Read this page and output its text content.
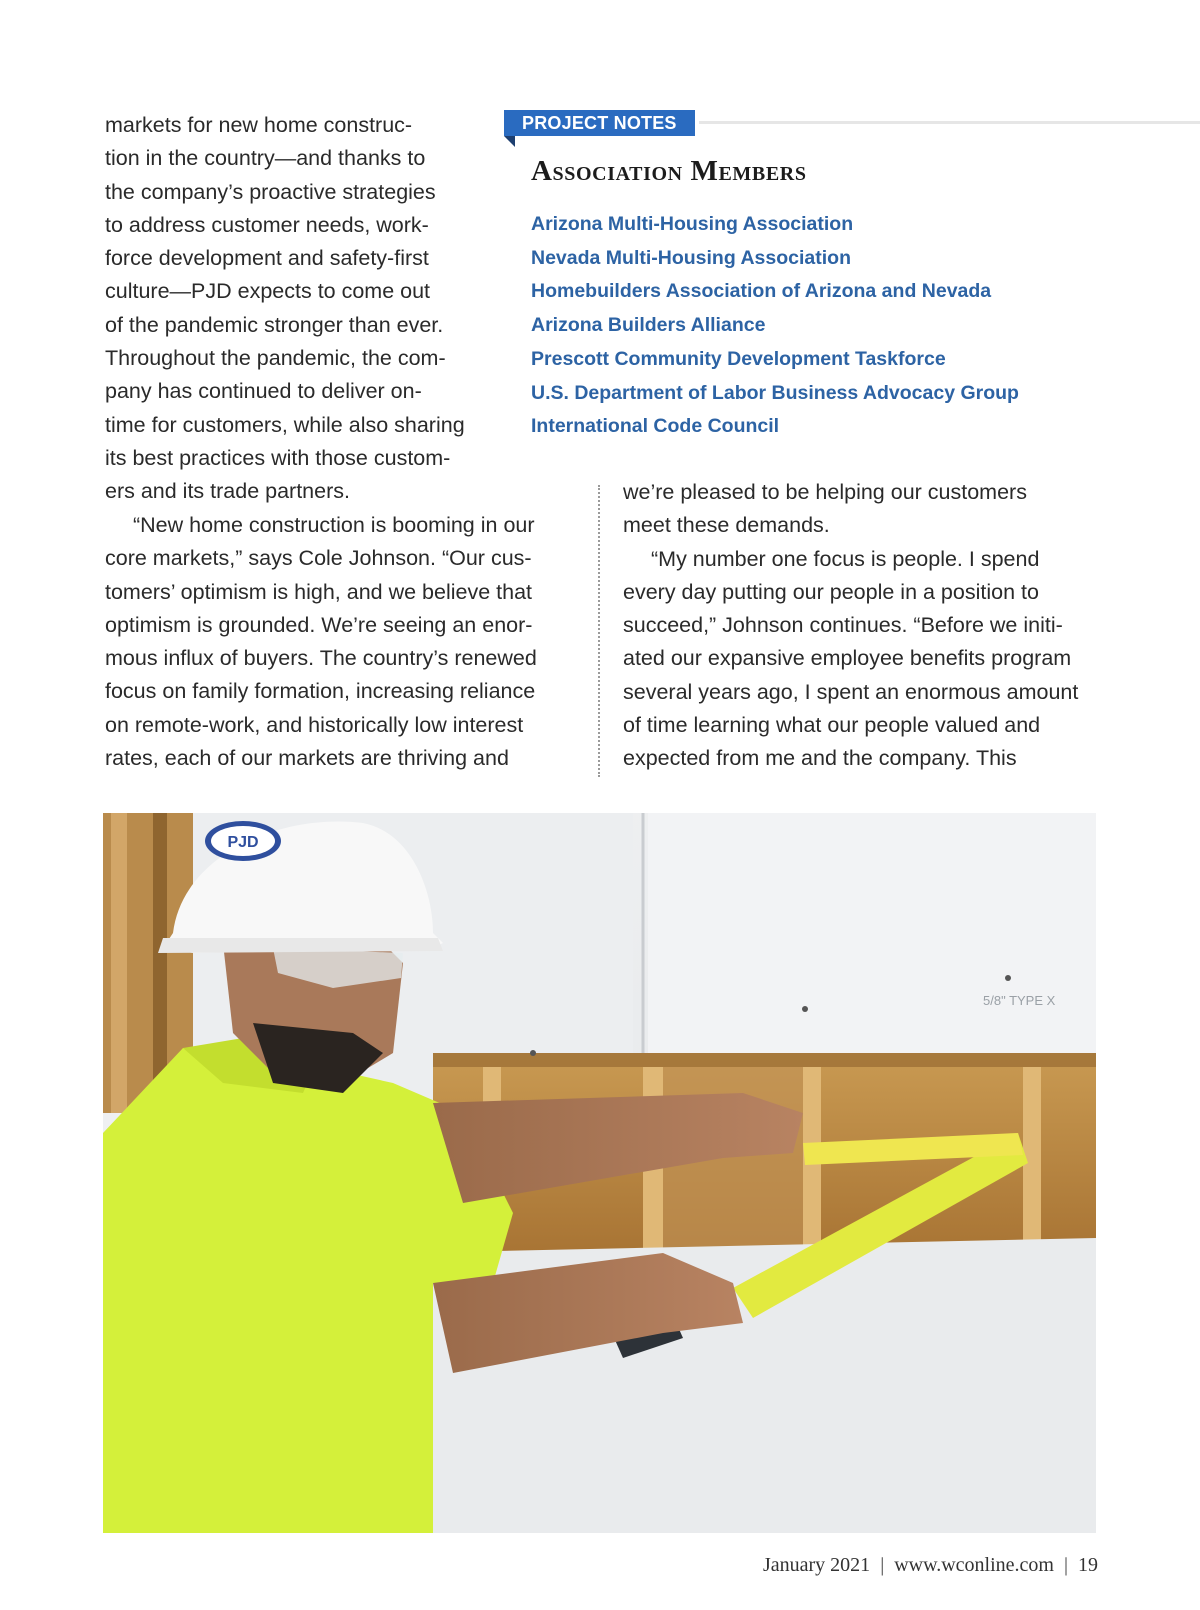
markets for new home construc-

tion in the country—and thanks to

the company’s proactive strategies

to address customer needs, work-

force development and safety-first

culture—PJD expects to come out

of the pandemic stronger than ever.

Throughout the pandemic, the com-

pany has continued to deliver on-

time for customers, while also sharing

its best practices with those custom-

ers and its trade partners.

“New home construction is booming in our

core markets,” says Cole Johnson. “Our cus-

tomers’ optimism is high, and we believe that

optimism is grounded. We’re seeing an enor-

mous influx of buyers. The country’s renewed

focus on family formation, increasing reliance

on remote-work, and historically low interest

rates, each of our markets are thriving and

we’re pleased to be helping our customers

meet these demands.

“My number one focus is people. I spend

every day putting our people in a position to

succeed,” Johnson continues. “Before we initi-

ated our expansive employee benefits program

several years ago, I spent an enormous amount

of time learning what our people valued and

expected from me and the company. This

PROJECT NOTES
Association Members
Arizona Multi-Housing Association
Nevada Multi-Housing Association
Homebuilders Association of Arizona and Nevada
Arizona Builders Alliance
Prescott Community Development Taskforce
U.S. Department of Labor Business Advocacy Group
International Code Council
5/8" TYPE X
PJD
January 2021 | www.wconline.com | 19
